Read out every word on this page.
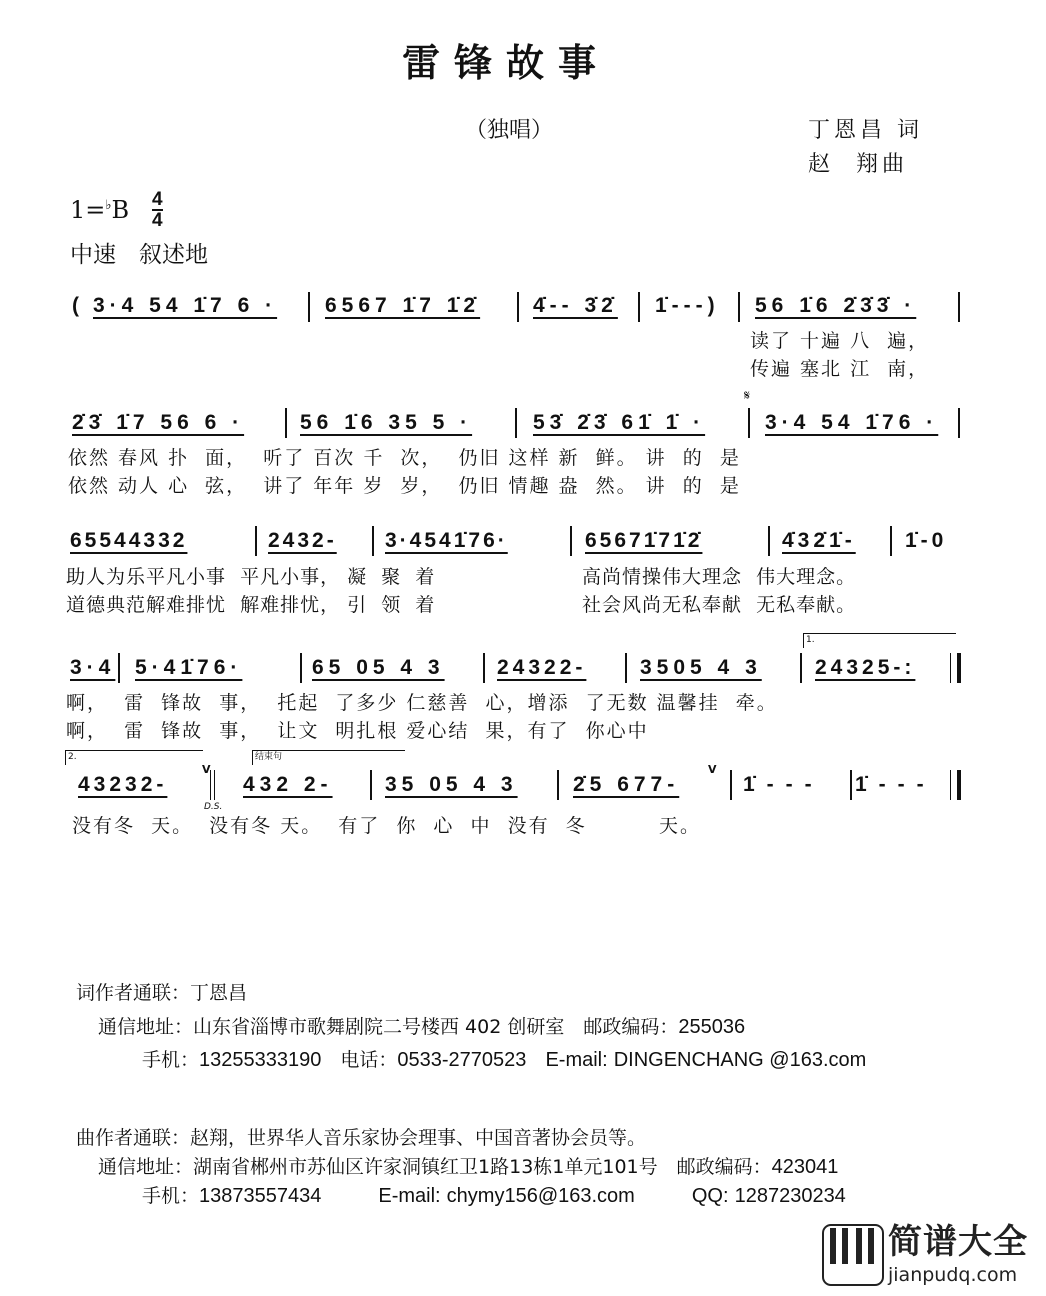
雷锋故事
（独唱）	丁恩昌 词
赵  翔曲
1=♭B 4
4
中速　叙述地
( 3·4 54 1̇7 6 · 6567 1̇7 1̇2̇	4̇-- 3̇2̇ 1̇---) 56 1̇6 2̇3̇3̇ ·
读了 十遍 八  遍，
传遍 塞北 江  南，
2̇3̇ 1̇7 56 6 ·	56 1̇6 35 5 ·	53̇ 2̇3̇ 61̇ 1̇ ·
𝄋
3·4 54 1̇76 ·
依然 春风 扑  面，  听了 百次 千  次，  仍旧 这样 新  鲜。 讲  的  是
依然 动人 心  弦，  讲了 年年 岁  岁，  仍旧 情趣 盎  然。 讲  的  是
65544332	2432- 3·4541̇76·	65671̇71̇2̇	4̇32̇1̇- 1̇-0
助人为乐平凡小事  平凡小事， 凝  聚  着
道德典范解难排忧  解难排忧， 引  领  着
高尚情操伟大理念  伟大理念。
社会风尚无私奉献  无私奉献。
3·4 5·41̇76·	65 05 4 3 24322-	3505 4 3
1.
24325-:
啊，  雷  锋故  事，  托起  了多少 仁慈善  心，增添  了无数 温馨挂  牵。
啊，  雷  锋故  事，  让文  明扎根 爱心结  果，有了  你心中
2.	结束句
43232-
V
D.S.
432 2- 35 05 4 3	2̇5 677-
V
1̇--- 1̇---
没有冬  天。  没有冬 天。  有了  你  心  中  没有  冬         天。
词作者通联：丁恩昌
通信地址：山东省淄博市歌舞剧院二号楼西 402 创研室　 邮政编码：255036
手机：13255333190　 电话：0533-2770523　 E-mail: DINGENCHANG @163.com
曲作者通联：赵翔，世界华人音乐家协会理事、中国音著协会员等。
通信地址：湖南省郴州市苏仙区许家洞镇红卫1路13栋1单元101号　 邮政编码：423041
手机：13873557434　　　	E-mail: chymy156@163.com　　　	QQ: 1287230234
简谱大全
jianpudq.com
